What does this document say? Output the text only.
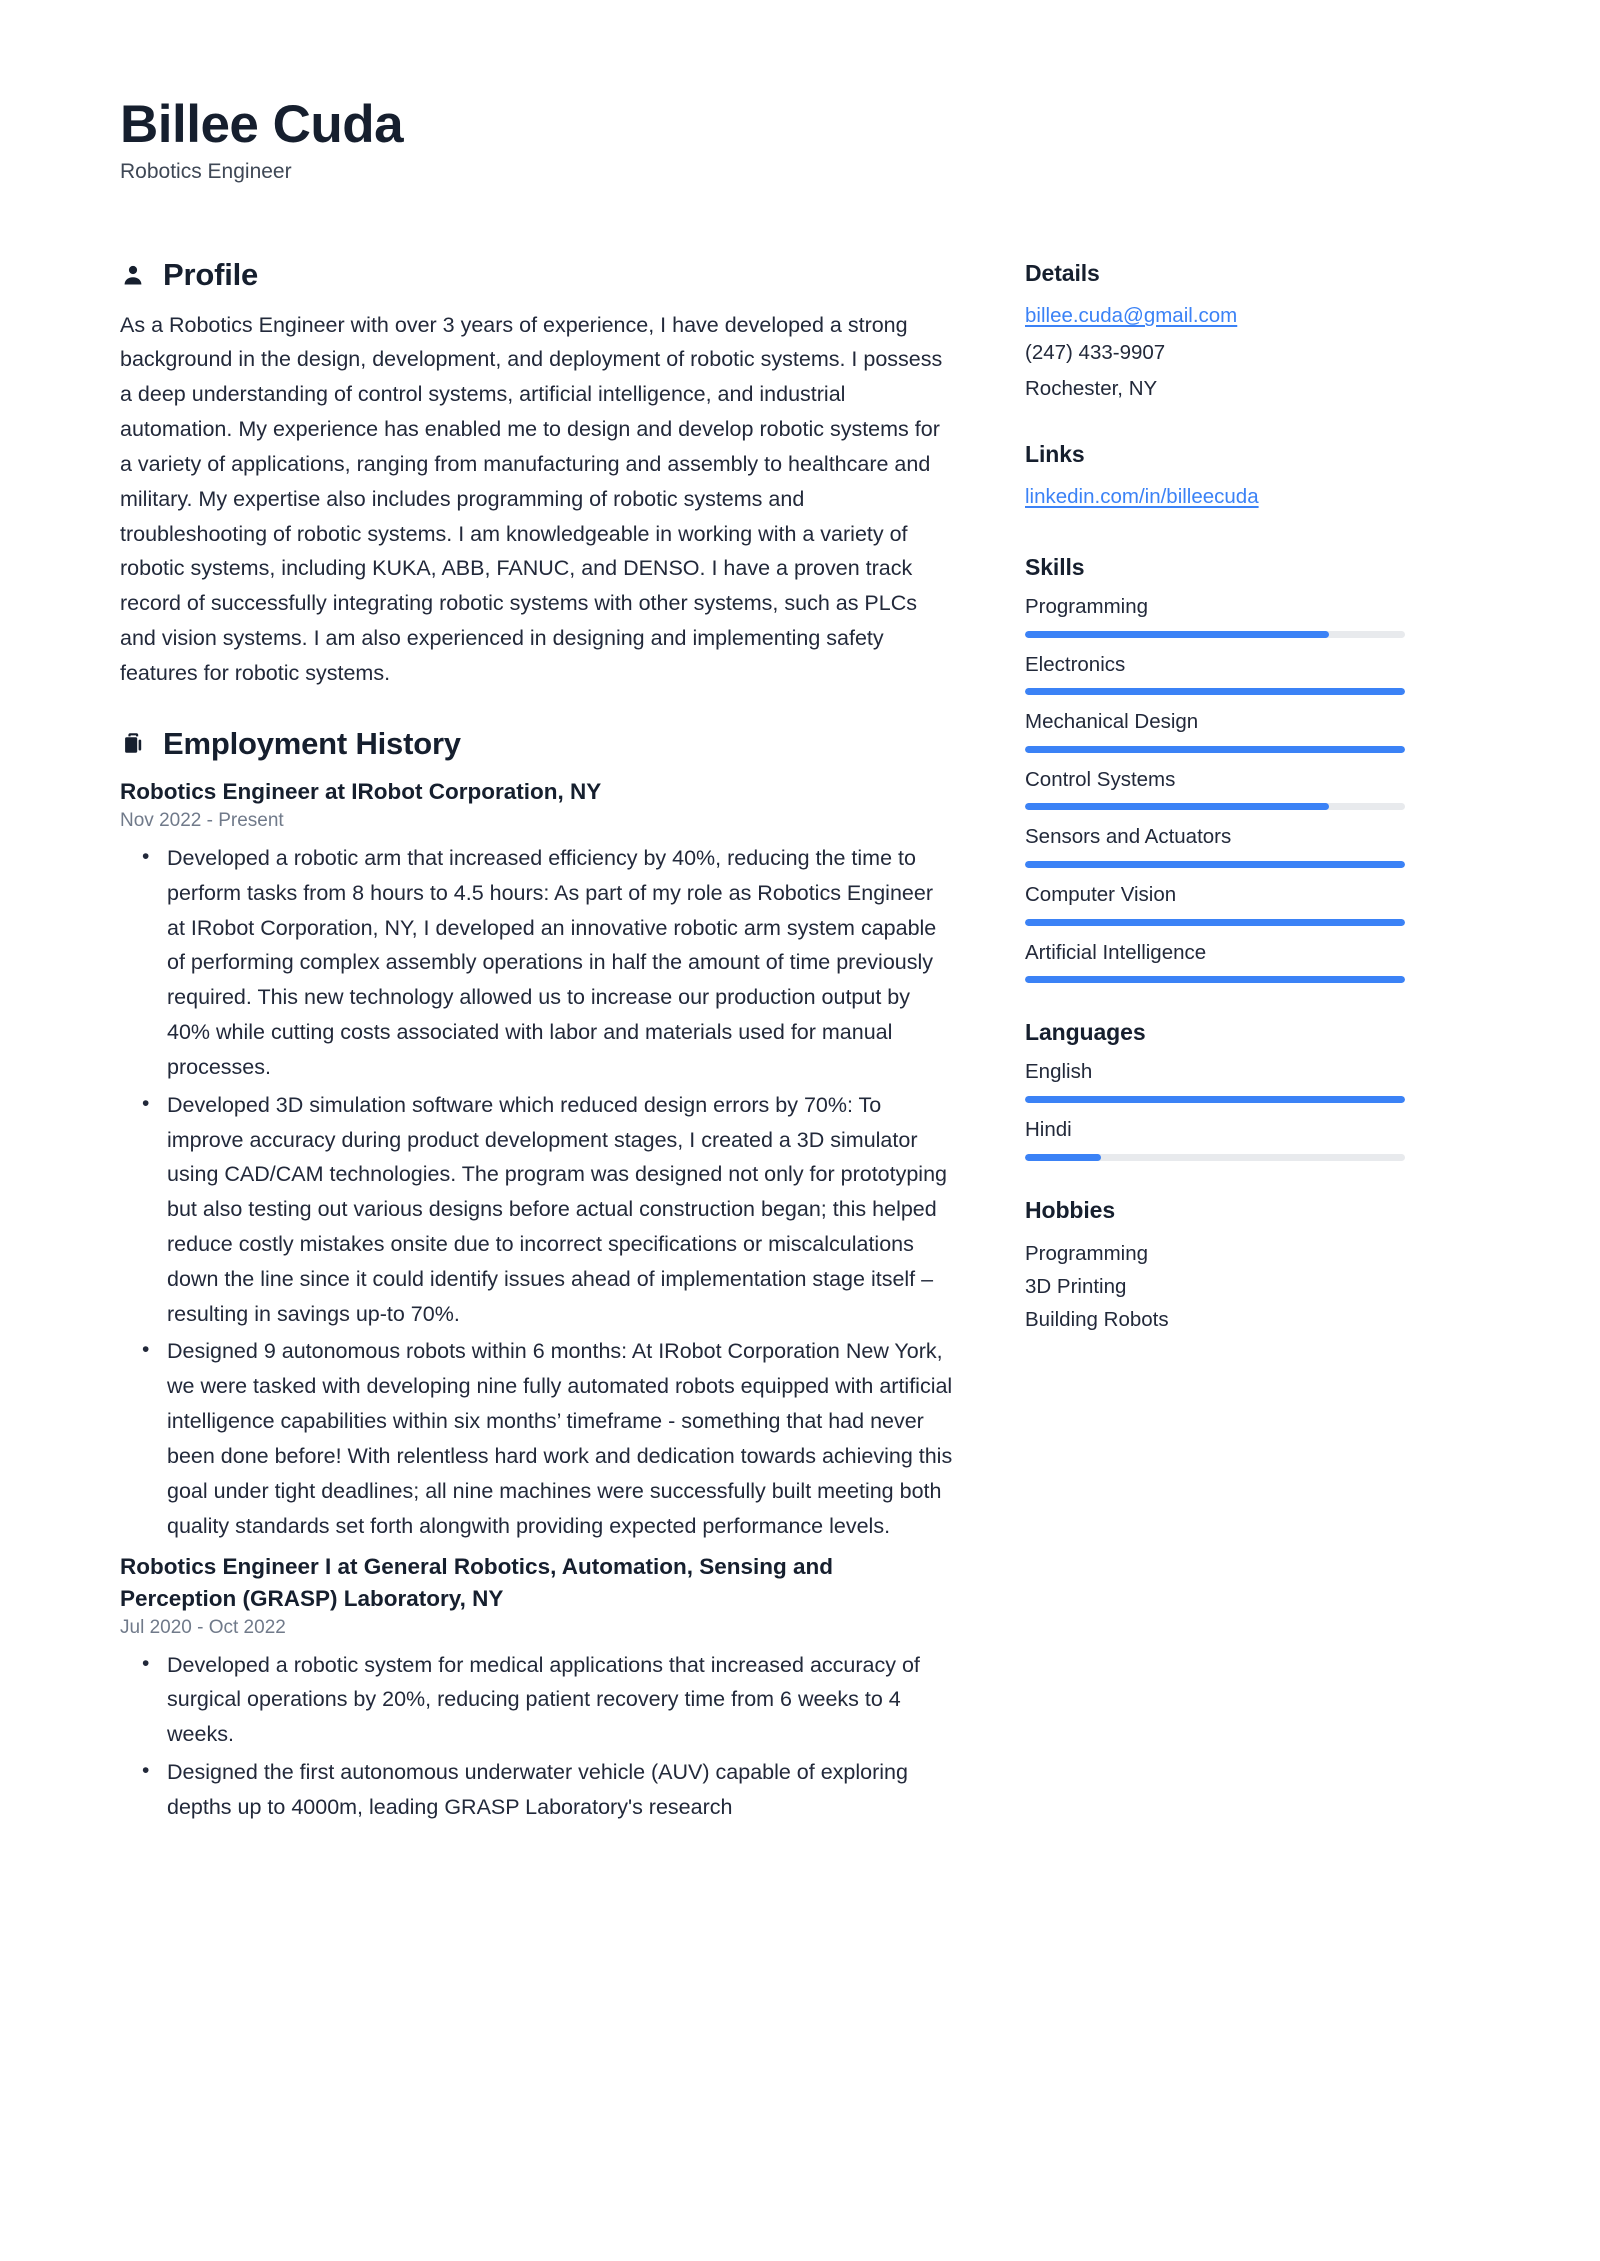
Billee Cuda
Robotics Engineer
Profile

As a Robotics Engineer with over 3 years of experience, I have developed a strong background in the design, development, and deployment of robotic systems. I possess a deep understanding of control systems, artificial intelligence, and industrial automation. My experience has enabled me to design and develop robotic systems for a variety of applications, ranging from manufacturing and assembly to healthcare and military. My expertise also includes programming of robotic systems and troubleshooting of robotic systems. I am knowledgeable in working with a variety of robotic systems, including KUKA, ABB, FANUC, and DENSO. I have a proven track record of successfully integrating robotic systems with other systems, such as PLCs and vision systems. I am also experienced in designing and implementing safety features for robotic systems.

Employment History
Robotics Engineer at IRobot Corporation, NY
Nov 2022 - Present
• Developed a robotic arm that increased efficiency by 40%, reducing the time to perform tasks from 8 hours to 4.5 hours: As part of my role as Robotics Engineer at IRobot Corporation, NY, I developed an innovative robotic arm system capable of performing complex assembly operations in half the amount of time previously required. This new technology allowed us to increase our production output by 40% while cutting costs associated with labor and materials used for manual processes.
• Developed 3D simulation software which reduced design errors by 70%: To improve accuracy during product development stages, I created a 3D simulator using CAD/CAM technologies. The program was designed not only for prototyping but also testing out various designs before actual construction began; this helped reduce costly mistakes onsite due to incorrect specifications or miscalculations down the line since it could identify issues ahead of implementation stage itself – resulting in savings up-to 70%.
• Designed 9 autonomous robots within 6 months: At IRobot Corporation New York, we were tasked with developing nine fully automated robots equipped with artificial intelligence capabilities within six months’ timeframe - something that had never been done before! With relentless hard work and dedication towards achieving this goal under tight deadlines; all nine machines were successfully built meeting both quality standards set forth alongwith providing expected performance levels.
Robotics Engineer I at General Robotics, Automation, Sensing and Perception (GRASP) Laboratory, NY
Jul 2020 - Oct 2022
• Developed a robotic system for medical applications that increased accuracy of surgical operations by 20%, reducing patient recovery time from 6 weeks to 4 weeks.
• Designed the first autonomous underwater vehicle (AUV) capable of exploring depths up to 4000m, leading GRASP Laboratory's research
Details
billee.cuda@gmail.com
(247) 433-9907
Rochester, NY
Links
linkedin.com/in/billeecuda
Skills
Programming
Electronics
Mechanical Design
Control Systems
Sensors and Actuators
Computer Vision
Artificial Intelligence
Languages
English
Hindi
Hobbies
Programming
3D Printing
Building Robots
